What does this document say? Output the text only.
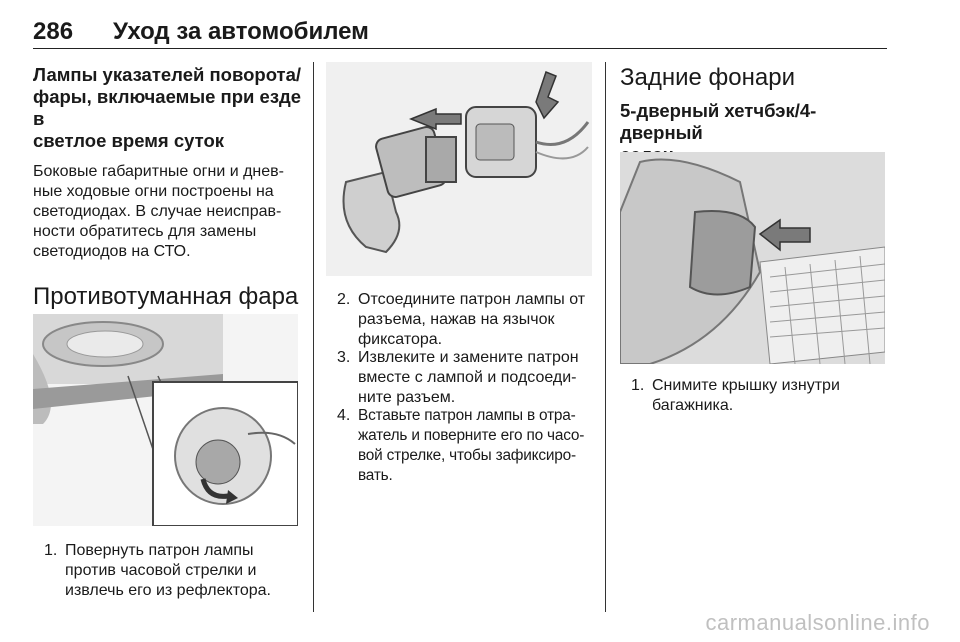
286 Уход за автомобилем
Лампы указателей поворота/
фары, включаемые при езде в
светлое время суток
Боковые габаритные огни и днев-
ные ходовые огни построены на
светодиодах. В случае неисправ-
ности обратитесь для замены
светодиодов на СТО.
Противотуманная фара
1. Повернуть патрон лампы
против часовой стрелки и
извлечь его из рефлектора.
2. Отсоедините патрон лампы от
разъема, нажав на язычок
фиксатора.
3. Извлеките и замените патрон
вместе с лампой и подсоеди-
ните разъем.
4. Вставьте патрон лампы в отра-
жатель и поверните его по часо-
вой стрелке, чтобы зафиксиро-
вать.
Задние фонари
5-дверный хетчбэк/4-дверный
1. Снимите крышку изнутри
багажника.
carmanualsonline.info
